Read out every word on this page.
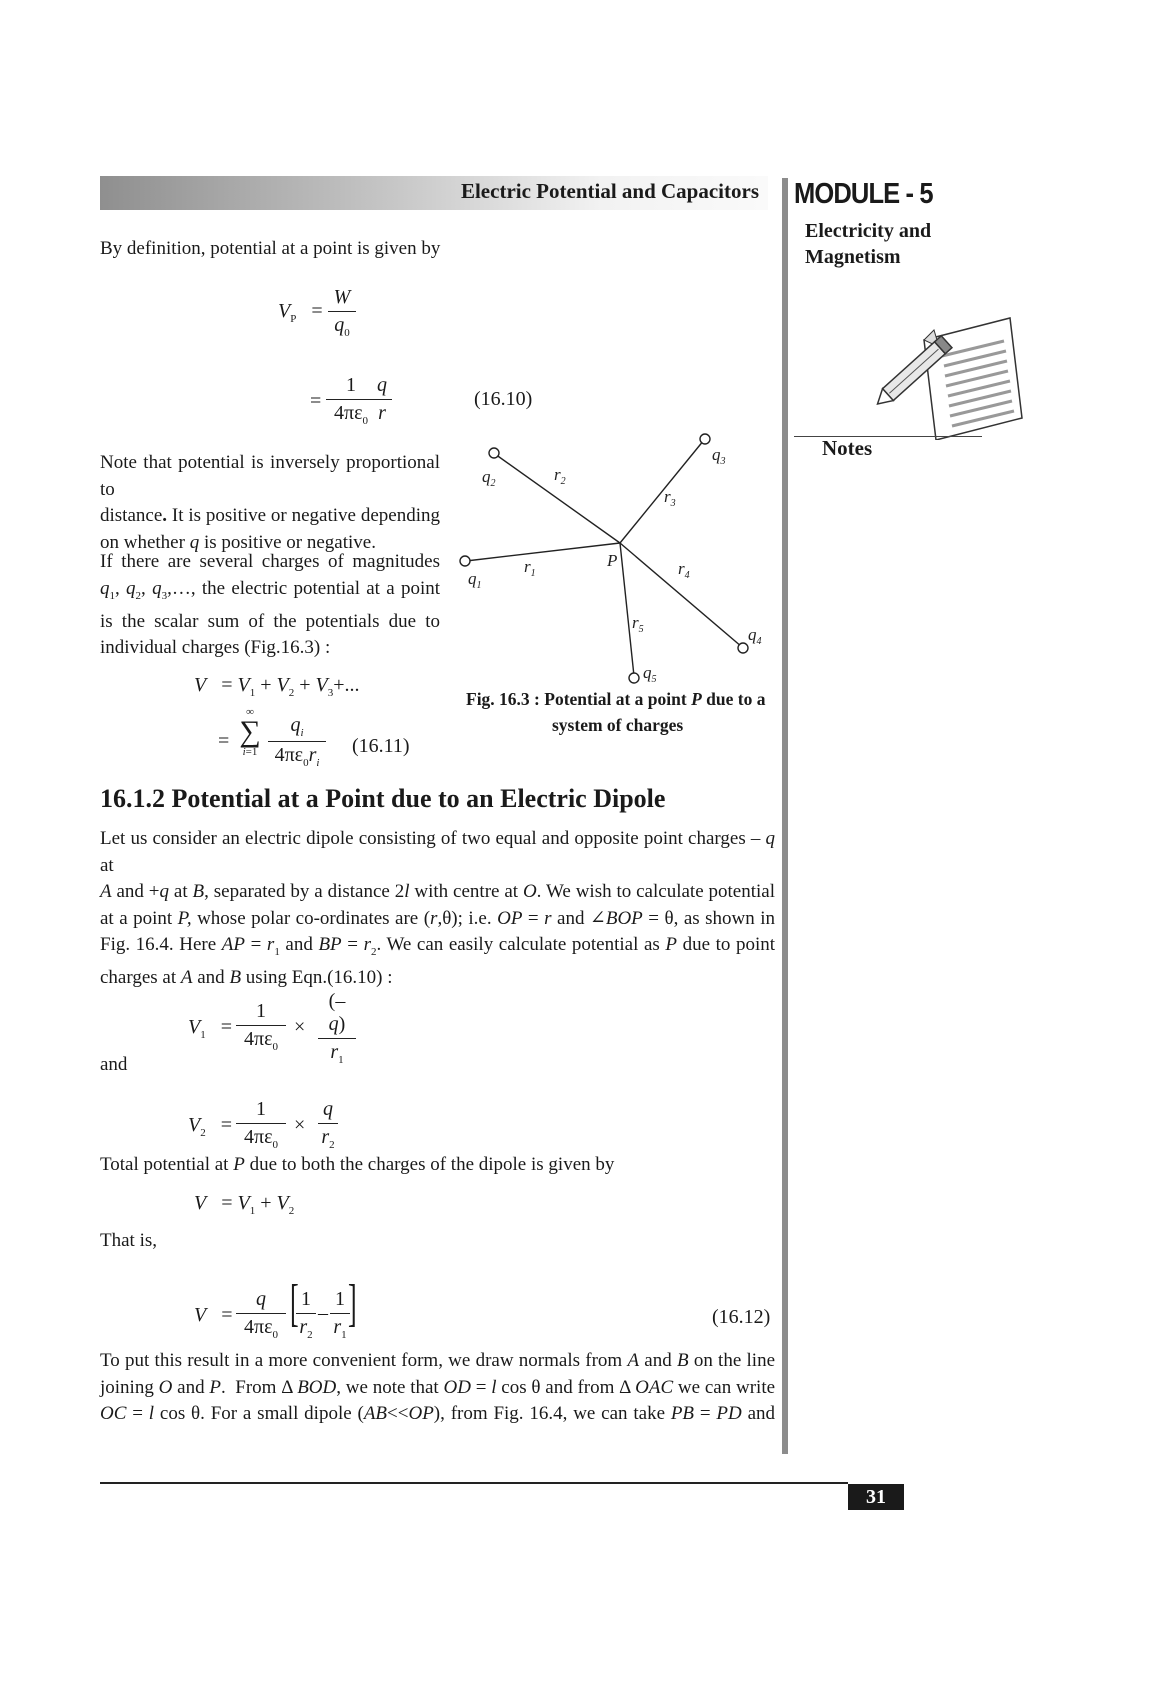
Electric Potential and Capacitors MODULE - 5
Electricity and Magnetism
Notes

By definition, potential at a point is given by

$V_P = \frac{W}{q_0}$
= $\frac{1}{4\pi\varepsilon_0}$
$\frac{q}{r}$	(16.10)

Note that potential is inversely proportional to
distance. It is positive or negative depending
on whether q is positive or negative.

If there are several charges of magnitudes
$q_1$, $q_2$, $q_3,\dots$, the electric potential at a point
is the scalar sum of the potentials due to
individual charges (Fig.16.3) :

$V = V_1 + V_2 + V_3+$...
=
∞
∑
$i=1 \frac{q_i}{4\pi\varepsilon_0r_i} (16.11)$
P
$q_1$
$q_2$
$q_3$
$q_4$
$q_5$
$r_1$
$r_2$
$r_3$
$r_4$
$r_5$
Fig. 16.3 : Potential at a point P due to a
system of charges
16.1.2 Potential at a Point due to an Electric Dipole

Let us consider an electric dipole consisting of two equal and opposite point charges – q at
A and +q at B, separated by a distance 2l with centre at O. We wish to calculate potential
at a point P, whose polar co-ordinates are (r,θ); i.e. OP = r and ∠BOP = θ, as shown in
Fig. 16.4. Here AP = $r_1$ and BP = $r_2$. We can easily calculate potential as P due to point
charges at A and B using Eqn.(16.10) :

$V_1 = \frac{1}{4\pi\varepsilon_0} \times \frac{(-q)}{r_1}$

and

$V_2 = \frac{1}{4\pi\varepsilon_0} \times \frac{q}{r_2}$

Total potential at P due to both the charges of the dipole is given by

$V = V_1 + V_2$

That is,

$V = \frac{q}{4\pi\varepsilon_0}$ [
$\frac{1}{r_2} - \frac{1}{r_1}$
]	(16.12)

To put this result in a more convenient form, we draw normals from A and B on the line
joining O and P.  From Δ BOD, we note that OD = l cos θ and from Δ OAC we can write
OC = l cos θ. For a small dipole (AB<<OP), from Fig. 16.4, we can take PB = PD and

31
